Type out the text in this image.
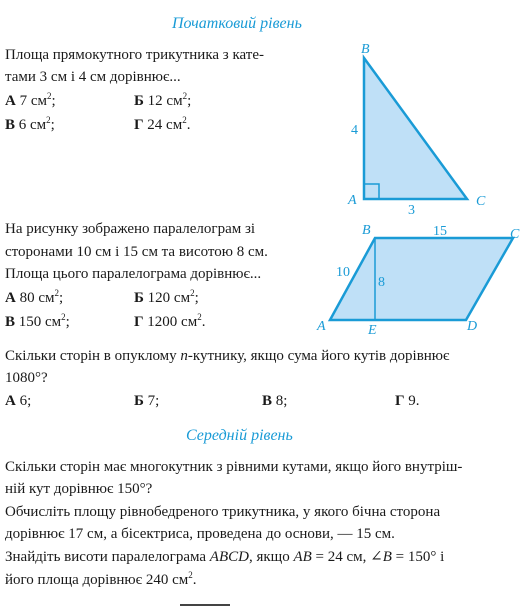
Початковий рівень
Середній рівень
Площа прямокутного трикутника з кате-
тами 3 см і 4 см дорівнює...
А 7 $см^2$;	Б 12 $см^2$;
В 6 $см^2$;	Г 24 $см^2$.
B
A	C
4
3
На рисунку зображено паралелограм зі
сторонами 10 см і 15 см та висотою 8 см.
Площа цього паралелограма дорівнює...
А 80 $см^2$;	Б 120 $см^2$;
В 150 $см^2$;	Г 1200 $см^2$.
B	C
A	E	D
15
10
8
Скільки сторін в опуклому n-кутнику, якщо сума його кутів дорівнює
1080°?
А 6;	Б 7;	В 8;	Г 9.
Скільки сторін має многокутник з рівними кутами, якщо його внутріш-
ній кут дорівнює 150°?
Обчисліть площу рівнобедреного трикутника, у якого бічна сторона
дорівнює 17 см, а бісектриса, проведена до основи, — 15 см.
Знайдіть висоти паралелограма ABCD, якщо AB = 24 см, ∠B = 150° і
його площа дорівнює 240 $см^2$.
